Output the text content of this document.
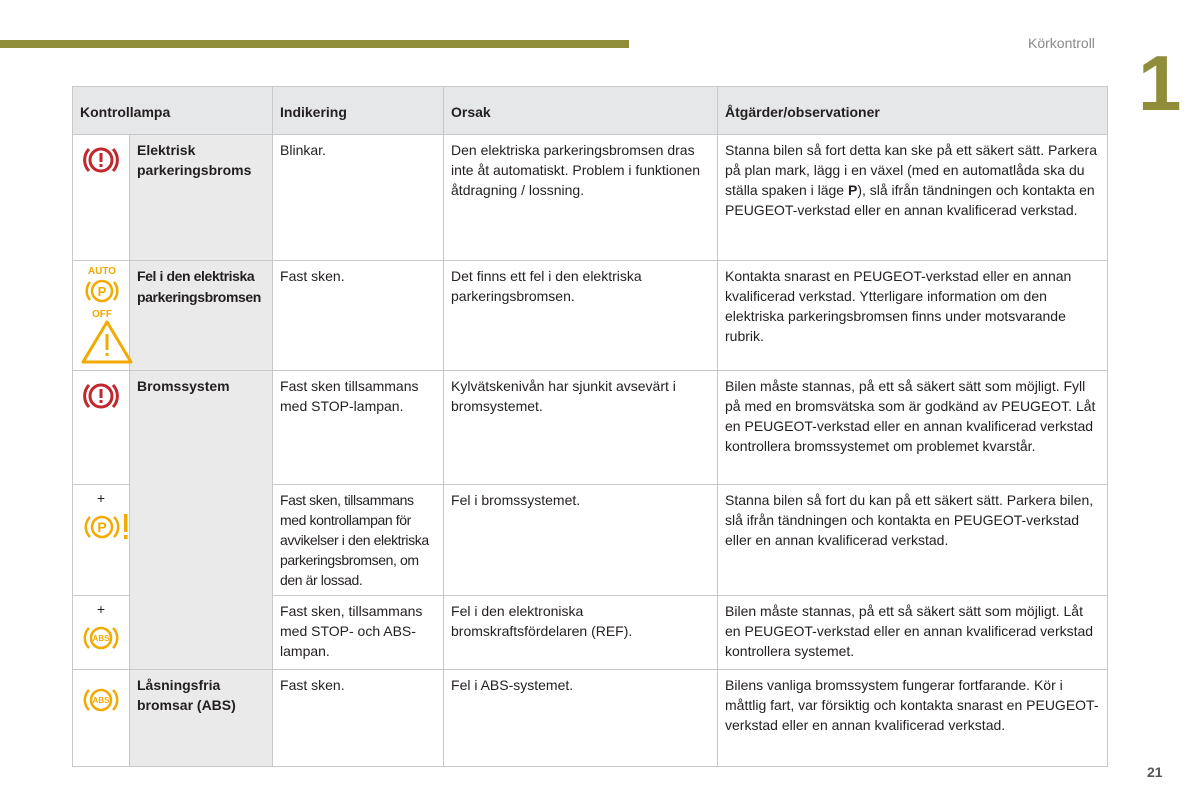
Körkontroll 1
Kontrollampa		Indikering	Orsak	Åtgärder/observationer

	Elektrisk parkeringsbroms	Blinkar.	Den elektriska parkeringsbromsen dras inte åt automatiskt. Problem i funktionen åtdragning / lossning.	Stanna bilen så fort detta kan ske på ett säkert sätt. Parkera på plan mark, lägg i en växel (med en automatlåda ska du ställa spaken i läge P), slå ifrån tändningen och kontakta en PEUGEOT-verkstad eller en annan kvalificerad verkstad.

AUTO
P
OFF	Fel i den elektriska parkeringsbromsen	Fast sken.	Det finns ett fel i den elektriska parkeringsbromsen.	Kontakta snarast en PEUGEOT-verkstad eller en annan kvalificerad verkstad. Ytterligare information om den elektriska parkeringsbromsen finns under motsvarande rubrik.

	Bromssystem	Fast sken tillsammans med STOP-lampan.	Kylvätskenivån har sjunkit avsevärt i bromsystemet.	Bilen måste stannas, på ett så säkert sätt som möjligt. Fyll på med en bromsvätska som är godkänd av PEUGEOT. Låt en PEUGEOT-verkstad eller en annan kvalificerad verkstad kontrollera bromssystemet om problemet kvarstår.

+
P		Fast sken, tillsammans med kontrollampan för avvikelser i den elektriska parkeringsbromsen, om den är lossad.	Fel i bromssystemet.	Stanna bilen så fort du kan på ett säkert sätt. Parkera bilen, slå ifrån tändningen och kontakta en PEUGEOT-verkstad eller en annan kvalificerad verkstad.

+
ABS		Fast sken, tillsammans med STOP- och ABS-lampan.	Fel i den elektroniska bromskraftsfördelaren (REF).	Bilen måste stannas, på ett så säkert sätt som möjligt. Låt en PEUGEOT-verkstad eller en annan kvalificerad verkstad kontrollera systemet.

ABS	Låsningsfria bromsar (ABS)	Fast sken.	Fel i ABS-systemet.	Bilens vanliga bromssystem fungerar fortfarande. Kör i måttlig fart, var försiktig och kontakta snarast en PEUGEOT-verkstad eller en annan kvalificerad verkstad.
21
